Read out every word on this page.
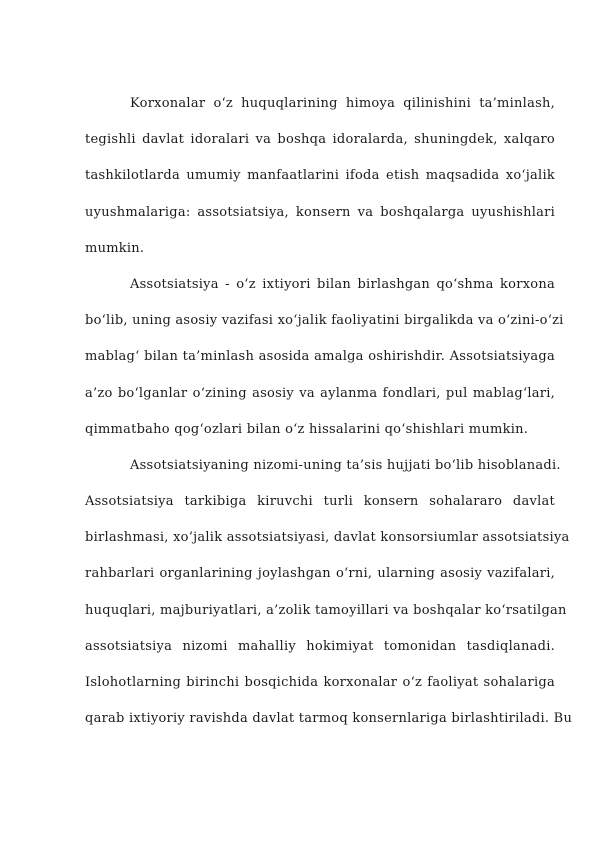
Korxonalar o‘z huquqlarining himoya qilinishini ta’minlash,
tegishli davlat idoralari va boshqa idoralarda, shuningdek, xalqaro
tashkilotlarda umumiy manfaatlarini ifoda etish maqsadida xo‘jalik
uyushmalariga: assotsiatsiya, konsern va boshqalarga uyushishlari
mumkin.
Assotsiatsiya - o‘z ixtiyori bilan birlashgan qo‘shma korxona
bo‘lib, uning asosiy vazifasi xo‘jalik faoliyatini birgalikda va o‘zini-o‘zi
mablag‘ bilan ta’minlash asosida amalga oshirishdir. Assotsiatsiyaga
a’zo bo‘lganlar o‘zining asosiy va aylanma fondlari, pul mablag‘lari,
qimmatbaho qog‘ozlari bilan o‘z hissalarini qo‘shishlari mumkin.
Assotsiatsiyaning nizomi-uning ta’sis hujjati bo‘lib hisoblanadi.
Assotsiatsiya tarkibiga kiruvchi turli konsern sohalararo davlat
birlashmasi, xo‘jalik assotsiatsiyasi, davlat konsorsiumlar assotsiatsiya
rahbarlari organlarining joylashgan o‘rni, ularning asosiy vazifalari,
huquqlari, majburiyatlari, a’zolik tamoyillari va boshqalar ko‘rsatilgan
assotsiatsiya nizomi mahalliy hokimiyat tomonidan tasdiqlanadi.
Islohotlarning birinchi bosqichida korxonalar o‘z faoliyat sohalariga
qarab ixtiyoriy ravishda davlat tarmoq konsernlariga birlashtiriladi. Bu
